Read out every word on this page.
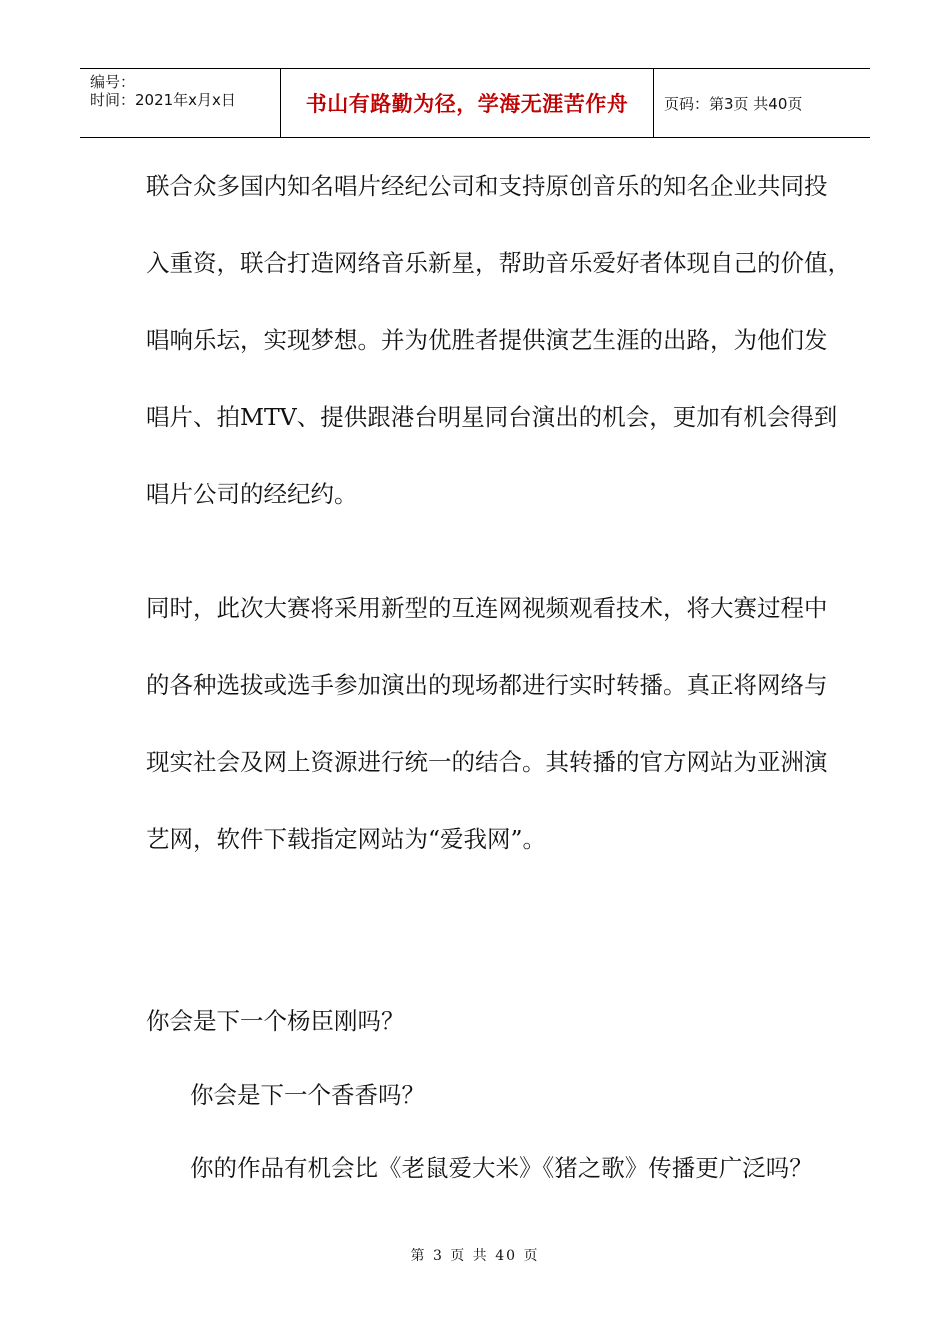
编号：
时间：2021年x月x日	书山有路勤为径，学海无涯苦作舟 页码：第3页 共40页
联合众多国内知名唱片经纪公司和支持原创音乐的知名企业共同投
入重资，联合打造网络音乐新星，帮助音乐爱好者体现自己的价值，
唱响乐坛，实现梦想。并为优胜者提供演艺生涯的出路，为他们发
唱片、拍MTV、提供跟港台明星同台演出的机会，更加有机会得到
唱片公司的经纪约。
同时，此次大赛将采用新型的互连网视频观看技术，将大赛过程中
的各种选拔或选手参加演出的现场都进行实时转播。真正将网络与
现实社会及网上资源进行统一的结合。其转播的官方网站为亚洲演
艺网，软件下载指定网站为“爱我网”。
你会是下一个杨臣刚吗？
你会是下一个香香吗？
你的作品有机会比《老鼠爱大米》《猪之歌》传播更广泛吗？
第 3 页 共 40 页
